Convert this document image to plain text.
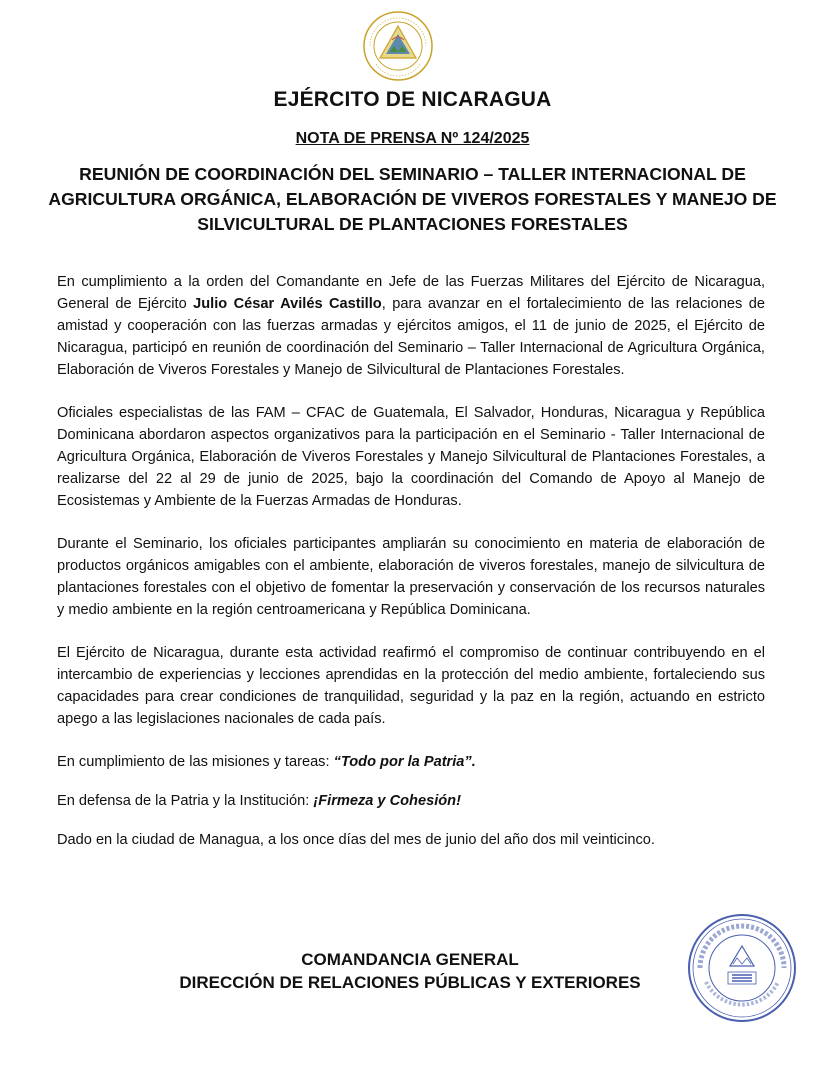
EJÉRCITO DE NICARAGUA
NOTA DE PRENSA Nº 124/2025
REUNIÓN DE COORDINACIÓN DEL SEMINARIO – TALLER INTERNACIONAL DE AGRICULTURA ORGÁNICA, ELABORACIÓN DE VIVEROS FORESTALES Y MANEJO DE SILVICULTURAL DE PLANTACIONES FORESTALES

En cumplimiento a la orden del Comandante en Jefe de las Fuerzas Militares del Ejército de Nicaragua, General de Ejército Julio César Avilés Castillo, para avanzar en el fortalecimiento de las relaciones de amistad y cooperación con las fuerzas armadas y ejércitos amigos, el 11 de junio de 2025, el Ejército de Nicaragua, participó en reunión de coordinación del Seminario – Taller Internacional de Agricultura Orgánica, Elaboración de Viveros Forestales y Manejo de Silvicultural de Plantaciones Forestales.

Oficiales especialistas de las FAM – CFAC de Guatemala, El Salvador, Honduras, Nicaragua y República Dominicana abordaron aspectos organizativos para la participación en el Seminario - Taller Internacional de Agricultura Orgánica, Elaboración de Viveros Forestales y Manejo Silvicultural de Plantaciones Forestales, a realizarse del 22 al 29 de junio de 2025, bajo la coordinación del Comando de Apoyo al Manejo de Ecosistemas y Ambiente de la Fuerzas Armadas de Honduras.

Durante el Seminario, los oficiales participantes ampliarán su conocimiento en materia de elaboración de productos orgánicos amigables con el ambiente, elaboración de viveros forestales, manejo de silvicultura de plantaciones forestales con el objetivo de fomentar la preservación y conservación de los recursos naturales y medio ambiente en la región centroamericana y República Dominicana.

El Ejército de Nicaragua, durante esta actividad reafirmó el compromiso de continuar contribuyendo en el intercambio de experiencias y lecciones aprendidas en la protección del medio ambiente, fortaleciendo sus capacidades para crear condiciones de tranquilidad, seguridad y la paz en la región, actuando en estricto apego a las legislaciones nacionales de cada país.

En cumplimiento de las misiones y tareas: “Todo por la Patria”.

En defensa de la Patria y la Institución: ¡Firmeza y Cohesión!

Dado en la ciudad de Managua, a los once días del mes de junio del año dos mil veinticinco.

COMANDANCIA GENERAL
DIRECCIÓN DE RELACIONES PÚBLICAS Y EXTERIORES
